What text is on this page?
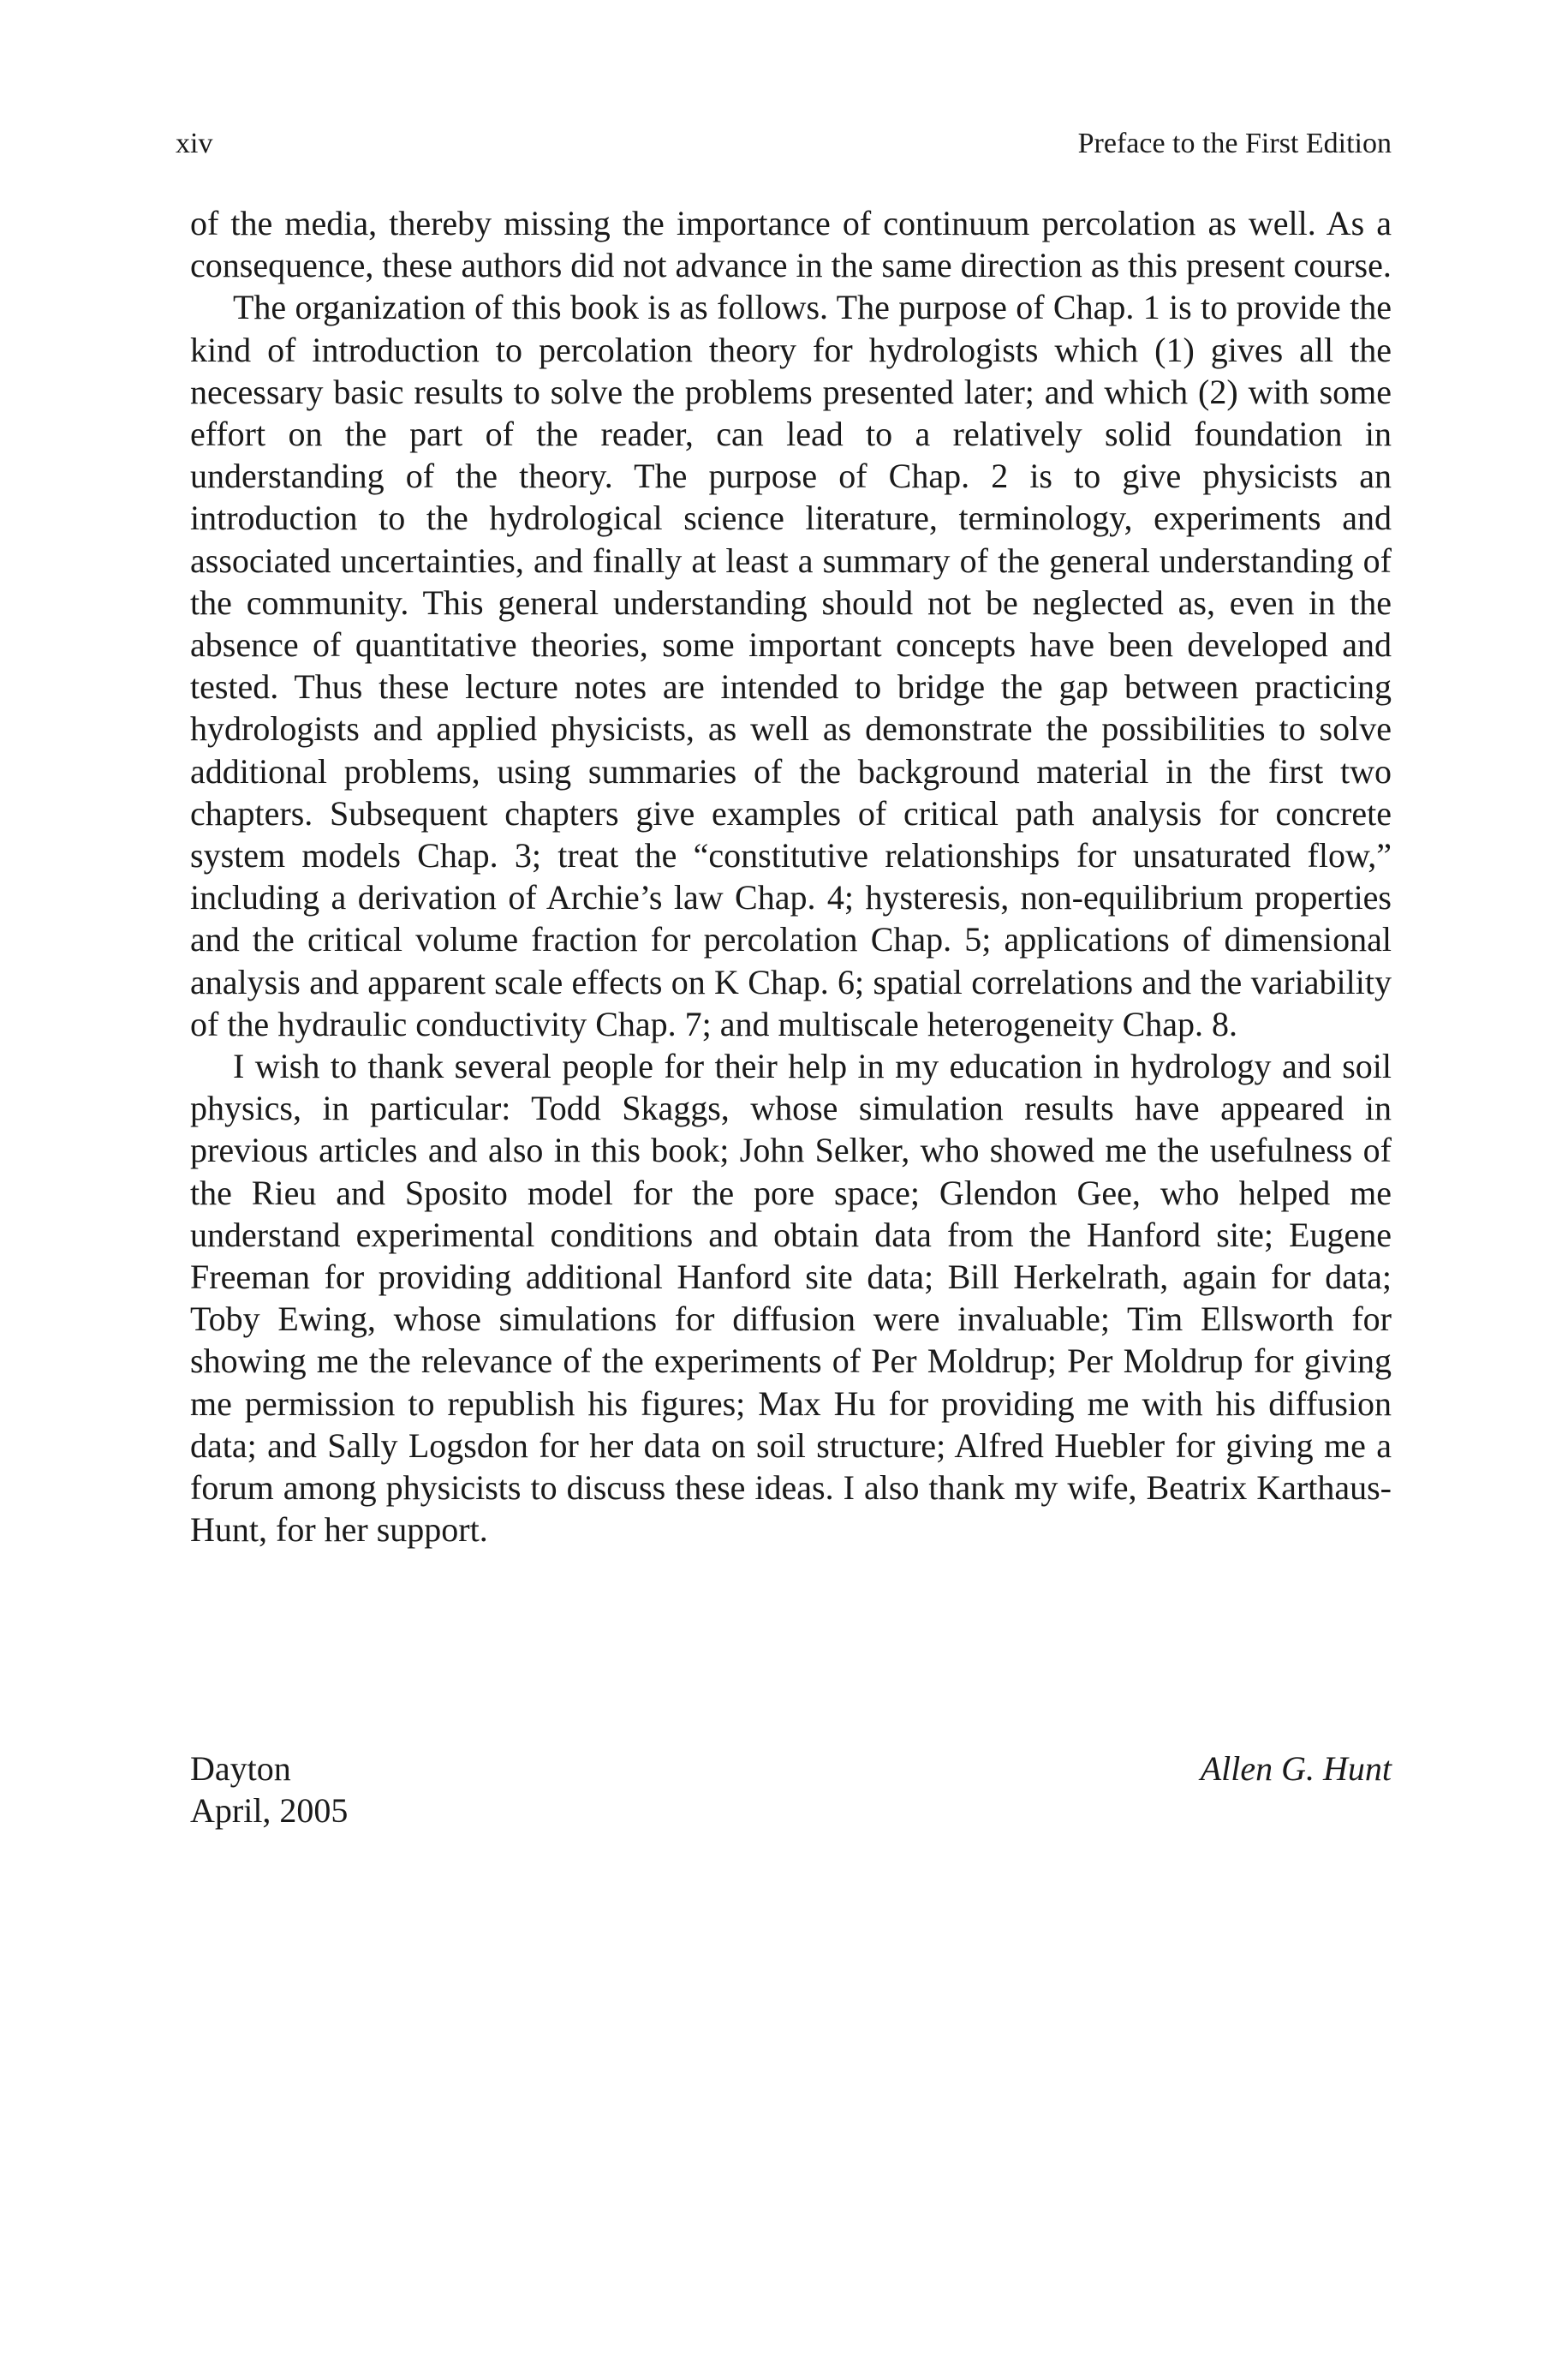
xiv	Preface to the First Edition

of the media, thereby missing the importance of continuum percolation as well. As a consequence, these authors did not advance in the same direction as this present course.

The organization of this book is as follows. The purpose of Chap. 1 is to provide the kind of introduction to percolation theory for hydrologists which (1) gives all the necessary basic results to solve the problems presented later; and which (2) with some effort on the part of the reader, can lead to a relatively solid foundation in understanding of the theory. The purpose of Chap. 2 is to give physicists an introduction to the hydrological science literature, terminology, experiments and associated uncertainties, and finally at least a summary of the general understanding of the community. This general understanding should not be neglected as, even in the absence of quantitative theories, some important concepts have been developed and tested. Thus these lecture notes are intended to bridge the gap between practicing hydrologists and applied physicists, as well as demonstrate the possibilities to solve additional problems, using summaries of the background material in the first two chapters. Subsequent chapters give examples of critical path analysis for concrete system models Chap. 3; treat the “constitutive relationships for unsaturated flow,” including a derivation of Archie’s law Chap. 4; hysteresis, non-equilibrium properties and the critical volume fraction for percolation Chap. 5; applications of dimensional analysis and apparent scale effects on K Chap. 6; spatial correlations and the variability of the hydraulic conductivity Chap. 7; and multiscale heterogeneity Chap. 8.

I wish to thank several people for their help in my education in hydrology and soil physics, in particular: Todd Skaggs, whose simulation results have appeared in previous articles and also in this book; John Selker, who showed me the usefulness of the Rieu and Sposito model for the pore space; Glendon Gee, who helped me understand experimental conditions and obtain data from the Hanford site; Eugene Freeman for providing additional Hanford site data; Bill Herkelrath, again for data; Toby Ewing, whose simulations for diffusion were invaluable; Tim Ellsworth for showing me the relevance of the experiments of Per Moldrup; Per Moldrup for giving me permission to republish his figures; Max Hu for providing me with his diffusion data; and Sally Logsdon for her data on soil structure; Alfred Huebler for giving me a forum among physicists to discuss these ideas. I also thank my wife, Beatrix Karthaus-Hunt, for her support.

Dayton
April, 2005
Allen G. Hunt
